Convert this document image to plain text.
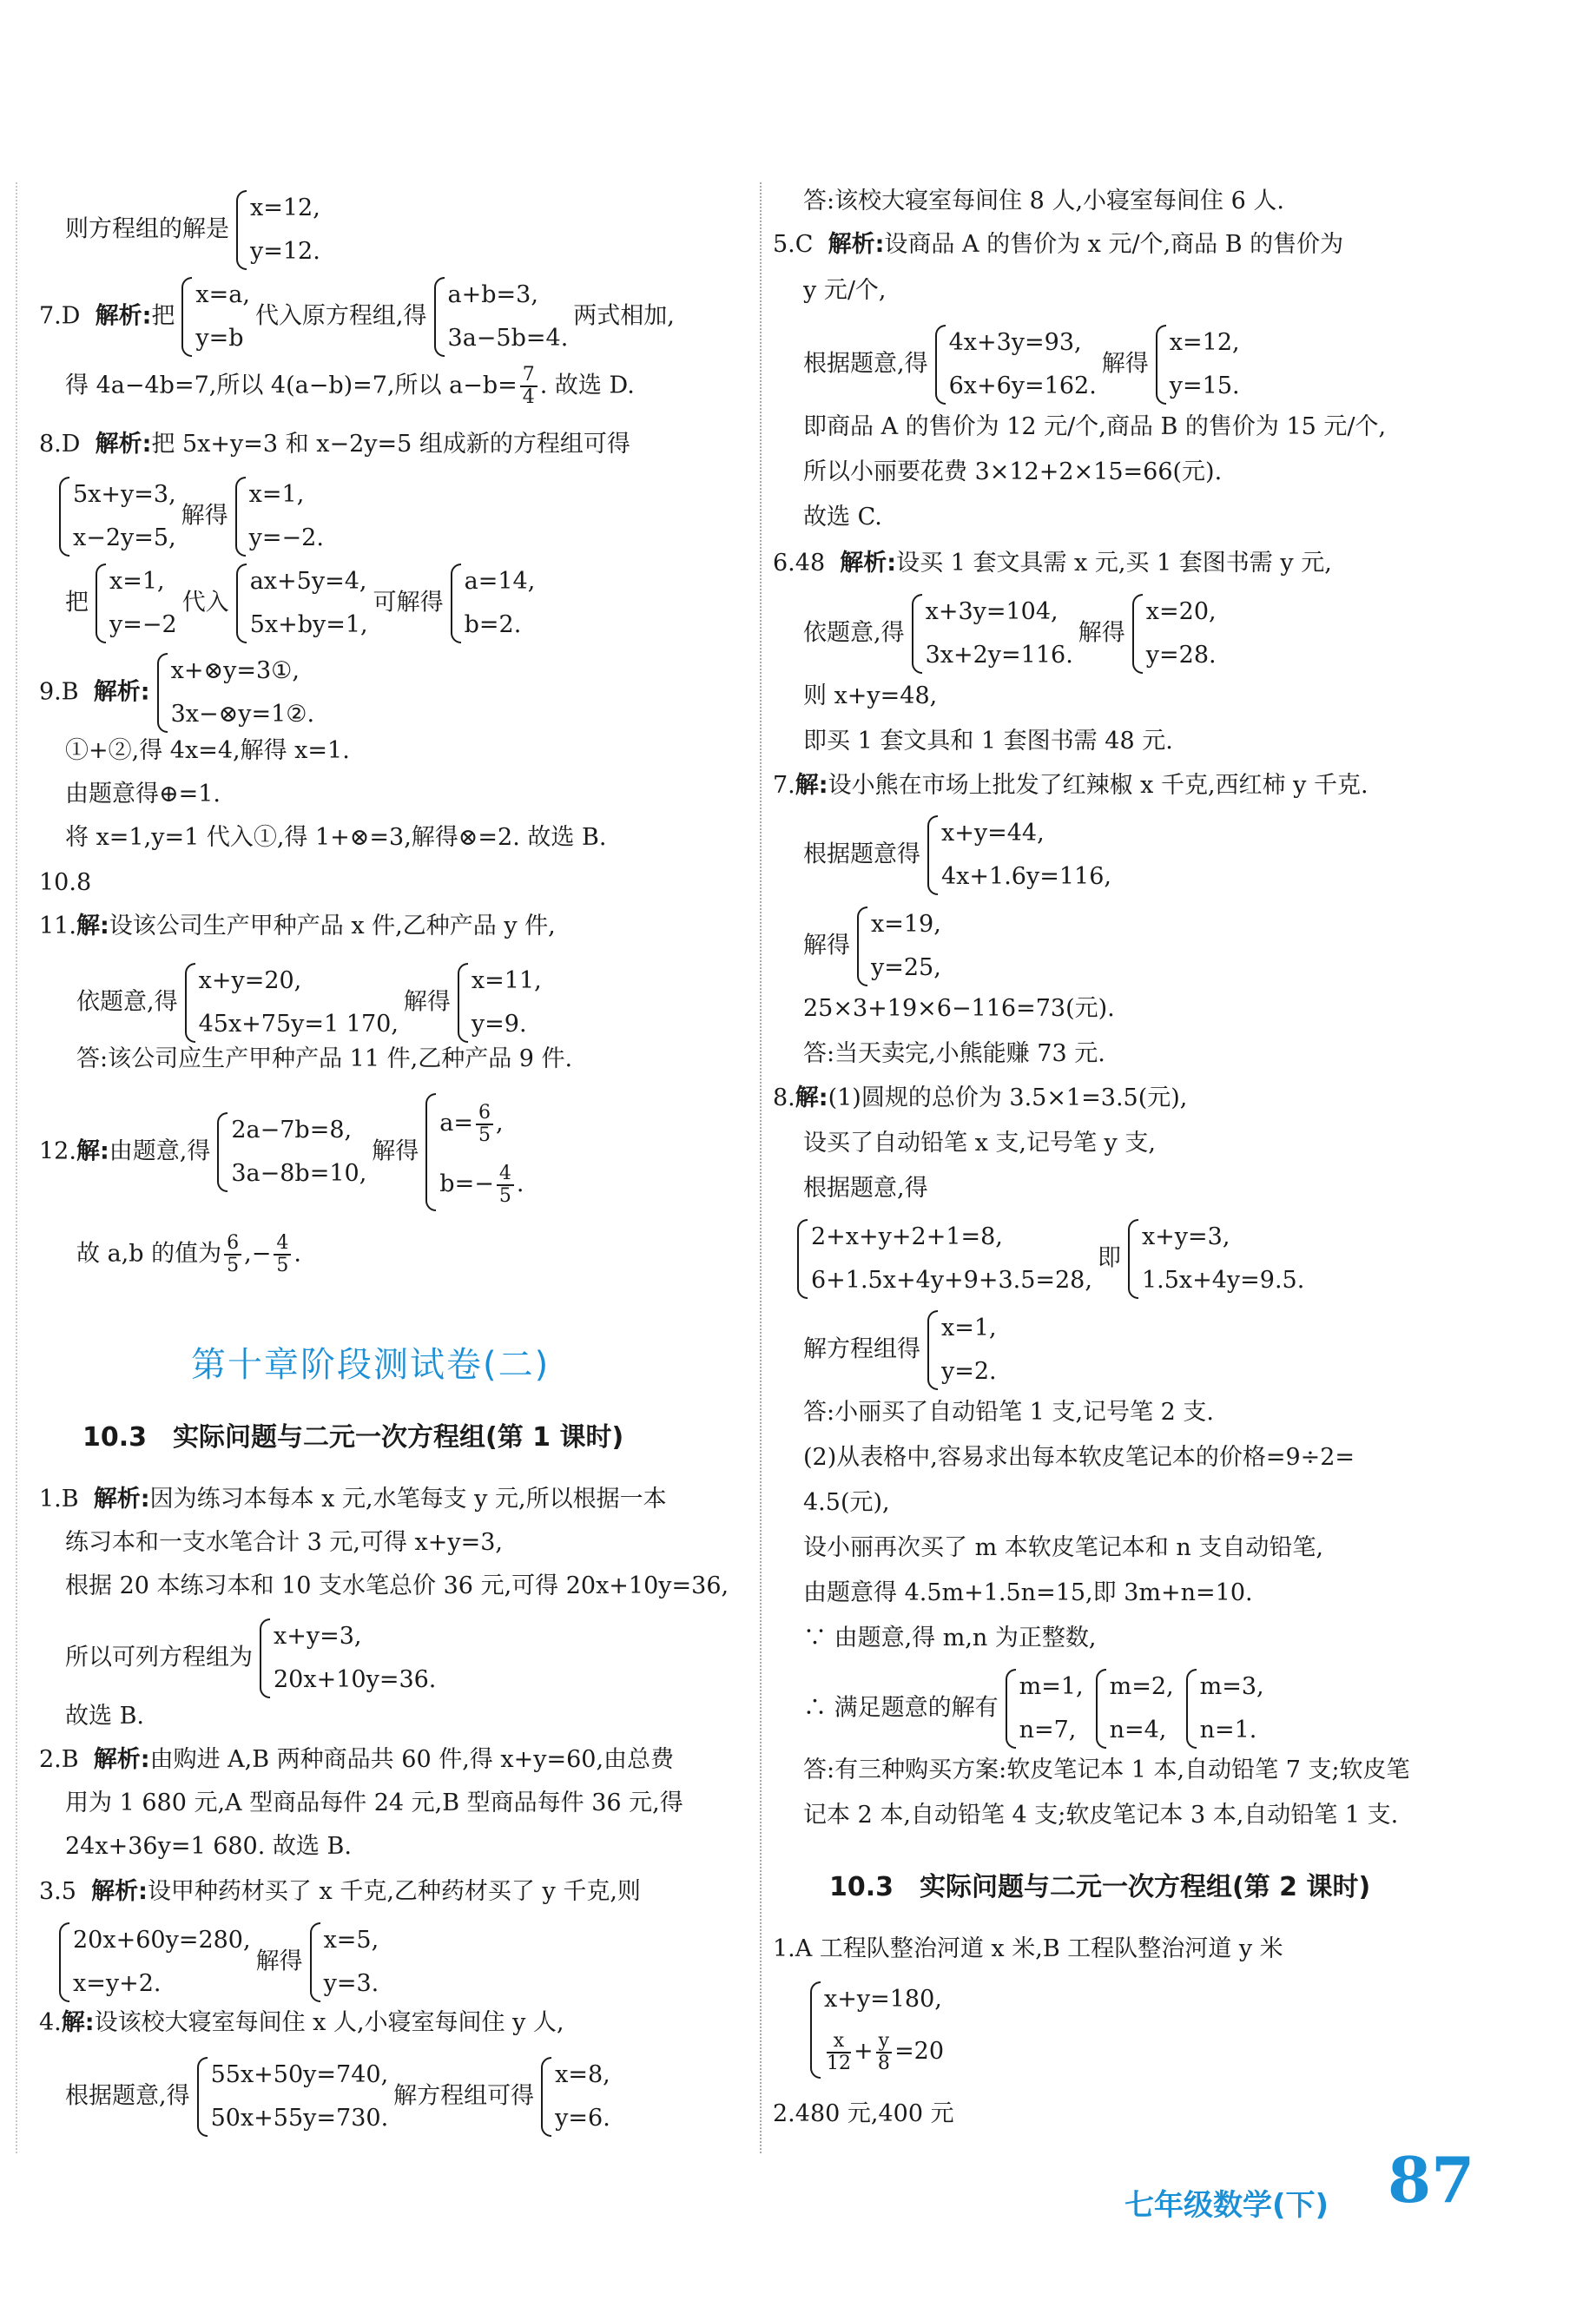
则方程组的解是
x=12,
y=12.
7.D 解析:把
x=a,
y=b
代入原方程组,得
a+b=3,
3a−5b=4.
两式相加,
得 4a−4b=7,所以 4(a−b)=7,所以 $a-b= \frac{7}{4}$ . 故选 D.
8.D 解析:把 5x+y=3 和 x−2y=5 组成新的方程组可得
5x+y=3,
x−2y=5,
解得
x=1,
y=−2.
把
x=1,
y=−2
代入
ax+5y=4,
5x+by=1,
可解得
a=14,
b=2.
9.B 解析:
x+⊗y=3①,
3x−⊗y=1②.
①+②,得 4x=4,解得 x=1.
由题意得⊕=1.
将 x=1,y=1 代入①,得 1+⊗=3,解得⊗=2. 故选 B.
10.8
11.解:设该公司生产甲种产品 x 件,乙种产品 y 件,
依题意,得
x+y=20,
45x+75y=1 170,
解得
x=11,
y=9.
答:该公司应生产甲种产品 11 件,乙种产品 9 件.
12.解:由题意,得
2a−7b=8,
3a−8b=10,
解得
$a= \frac{6}{5}$ ,
$b=- \frac{4}{5}$ .
故 a,b 的值为 $\frac{6}{5}$ ,− $\frac{4}{5}$ .
第十章阶段测试卷(二)
10.3　实际问题与二元一次方程组(第 1 课时)
1.B 解析:因为练习本每本 x 元,水笔每支 y 元,所以根据一本
练习本和一支水笔合计 3 元,可得 x+y=3,
根据 20 本练习本和 10 支水笔总价 36 元,可得 20x+10y=36,
所以可列方程组为
x+y=3,
20x+10y=36.
故选 B.
2.B 解析:由购进 A,B 两种商品共 60 件,得 x+y=60,由总费
用为 1 680 元,A 型商品每件 24 元,B 型商品每件 36 元,得
24x+36y=1 680. 故选 B.
3.5 解析:设甲种药材买了 x 千克,乙种药材买了 y 千克,则
20x+60y=280,
x=y+2.
解得
x=5,
y=3.
4.解:设该校大寝室每间住 x 人,小寝室每间住 y 人,
根据题意,得
55x+50y=740,
50x+55y=730.
解方程组可得
x=8,
y=6.
答:该校大寝室每间住 8 人,小寝室每间住 6 人.
5.C 解析:设商品 A 的售价为 x 元/个,商品 B 的售价为
y 元/个,
根据题意,得
4x+3y=93,
6x+6y=162.
解得
x=12,
y=15.
即商品 A 的售价为 12 元/个,商品 B 的售价为 15 元/个,
所以小丽要花费 3×12+2×15=66(元).
故选 C.
6.48 解析:设买 1 套文具需 x 元,买 1 套图书需 y 元,
依题意,得
x+3y=104,
3x+2y=116.
解得
x=20,
y=28.
则 x+y=48,
即买 1 套文具和 1 套图书需 48 元.
7.解:设小熊在市场上批发了红辣椒 x 千克,西红柿 y 千克.
根据题意得
x+y=44,
4x+1.6y=116,
解得
x=19,
y=25,
25×3+19×6−116=73(元).
答:当天卖完,小熊能赚 73 元.
8.解:(1)圆规的总价为 3.5×1=3.5(元),
设买了自动铅笔 x 支,记号笔 y 支,
根据题意,得
2+x+y+2+1=8,
6+1.5x+4y+9+3.5=28,
即
x+y=3,
1.5x+4y=9.5.
解方程组得
x=1,
y=2.
答:小丽买了自动铅笔 1 支,记号笔 2 支.
(2)从表格中,容易求出每本软皮笔记本的价格=9÷2=
4.5(元),
设小丽再次买了 m 本软皮笔记本和 n 支自动铅笔,
由题意得 4.5m+1.5n=15,即 3m+n=10.
∵ 由题意,得 m,n 为正整数,
∴ 满足题意的解有
m=1,
n=7,
m=2,
n=4,
m=3,
n=1.
答:有三种购买方案:软皮笔记本 1 本,自动铅笔 7 支;软皮笔
记本 2 本,自动铅笔 4 支;软皮笔记本 3 本,自动铅笔 1 支.
10.3　实际问题与二元一次方程组(第 2 课时)
1.A 工程队整治河道 x 米,B 工程队整治河道 y 米
x+y=180,
$\frac{x}{12} + \frac{y}{8} =20$
2.480 元,400 元
七年级数学(下) 87
